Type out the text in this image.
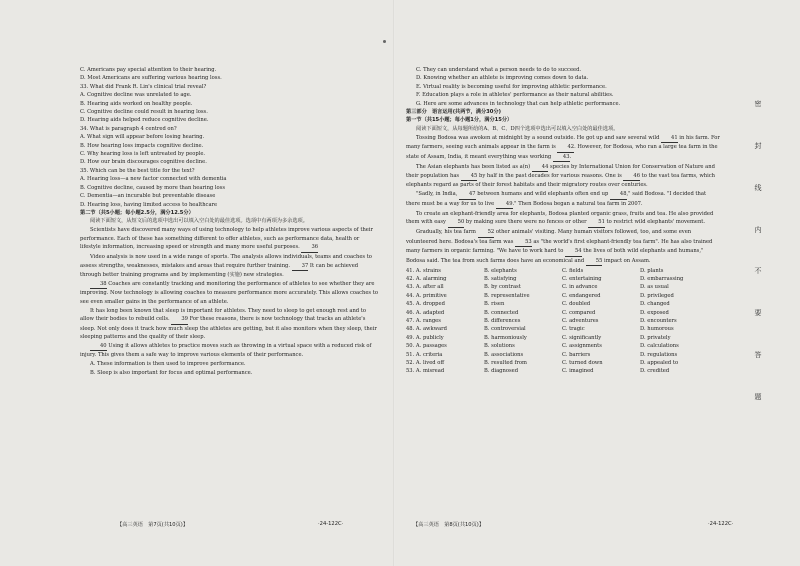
C. Americans pay special attention to their hearing.
D. Most Americans are suffering various hearing loss.
33. What did Frank R. Lin's clinical trial reveal?
A. Cognitive decline was unrelated to age.
B. Hearing aids worked on healthy people.
C. Cognitive decline could result in hearing loss.
D. Hearing aids helped reduce cognitive decline.
34. What is paragraph 4 centred on?
A. What sign will appear before losing hearing.
B. How hearing loss impacts cognitive decline.
C. Why hearing loss is left untreated by people.
D. How our brain discourages cognitive decline.
35. Which can be the best title for the text?
A. Hearing loss—a new factor connected with dementia
B. Cognitive decline, caused by more than hearing loss
C. Dementia—an incurable but preventable disease
D. Hearing loss, having limited access to healthcare
第二节（共5小题；每小题2.5分，满分12.5分）
阅读下面短文，从短文后的选项中选出可以填入空白处的最佳选项。选项中有两项为多余选项。
Scientists have discovered many ways of using technology to help athletes improve various aspects of their performance. Each of these has something different to offer athletes, such as performance data, health or lifestyle information, increasing speed or strength and many more useful purposes. 36
Video analysis is now used in a wide range of sports. The analysis allows individuals, teams and coaches to assess strengths, weaknesses, mistakes and areas that require further training. 37 It can be achieved through better training programs and by implementing (实施) new strategies.
38 Coaches are constantly tracking and monitoring the performance of athletes to see whether they are improving. Now technology is allowing coaches to measure performance more accurately. This allows coaches to see even smaller gains in the performance of an athlete.
It has long been known that sleep is important for athletes. They need to sleep to get enough rest and to allow their bodies to rebuild cells. 39 For these reasons, there is now technology that tracks an athlete's sleep. Not only does it track how much sleep the athletes are getting, but it also monitors when they sleep, their sleeping patterns and the quality of their sleep.
40 Using it allows athletes to practice moves such as throwing in a virtual space with a reduced risk of injury. This gives them a safe way to improve various elements of their performance.
A. These information is then used to improve performance.
B. Sleep is also important for focus and optimal performance.
【高三英语　第7页(共10页)】	·24-122C·
C. They can understand what a person needs to do to succeed.
D. Knowing whether an athlete is improving comes down to data.
E. Virtual reality is becoming useful for improving athletic performance.
F. Education plays a role in athletes' performance as their natural abilities.
G. Here are some advances in technology that can help athletic performance.
第三部分　语言运用(共两节，满分30分)
第一节（共15小题；每小题1分，满分15分）
阅读下面短文，从每题所给的A、B、C、D四个选项中选出可以填入空白处的最佳选项。
Tossing Bodosa was awoken at midnight by a sound outside. He got up and saw several wild 41 in his farm. For many farmers, seeing such animals appear in the farm is 42. However, for Bodosa, who ran a large tea farm in the state of Assam, India, it meant everything was working 43.
The Asian elephants has been listed as a(n) 44 species by International Union for Conservation of Nature and their population has 45 by half in the past decades for various reasons. One is 46 to the vast tea farms, which elephants regard as parts of their forest habitats and their migratory routes over centuries.
"Sadly, in India, 47 between humans and wild elephants often end up 48," said Bodosa. "I decided that there must be a way for us to live 49." Then Bodosa began a natural tea farm in 2007.
To create an elephant-friendly area for elephants, Bodosa planted organic grass, fruits and tea. He also provided them with easy 50 by making sure there were no fences or other 51 to restrict wild elephants' movement.
Gradually, his tea farm 52 other animals' visiting. Many human visitors followed, too, and some even volunteered here. Bodosa's tea farm was 53 as "the world's first elephant-friendly tea farm". He has also trained many farmers in organic farming. "We have to work hard to 54 the lives of both wild elephants and humans," Bodosa said. The tea from such farms does have an economical and 55 impact on Assam.
41. A. strains	B. elephants	C. fields	D. plants
42. A. alarming	B. satisfying	C. entertaining	D. embarrassing
43. A. after all	B. by contrast	C. in advance	D. as usual
44. A. primitive	B. representative	C. endangered	D. privileged
45. A. dropped	B. risen	C. doubled	D. changed
46. A. adapted	B. connected	C. compared	D. exposed
47. A. ranges	B. differences	C. adventures	D. encounters
48. A. awkward	B. controversial	C. tragic	D. humorous
49. A. publicly	B. harmoniously	C. significantly	D. privately
50. A. passages	B. solutions	C. assignments	D. calculations
51. A. criteria	B. associations	C. barriers	D. regulations
52. A. lived off	B. resulted from	C. turned down	D. appealed to
53. A. misread	B. diagnosed	C. imagined	D. credited
密
封
线
内
不
要
答
题
【高三英语　第8页(共10页)】	·24-122C·
